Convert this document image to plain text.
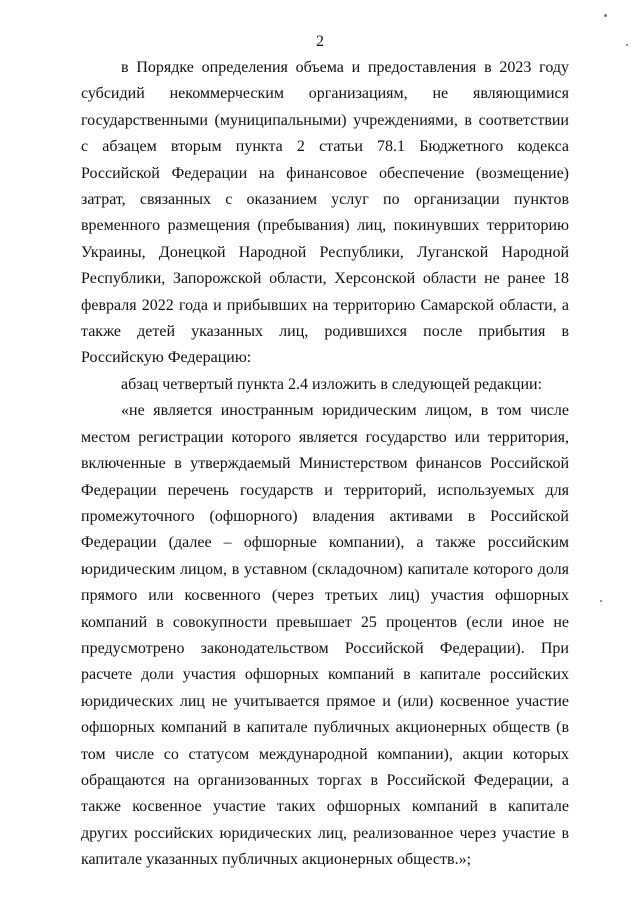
2

в Порядке определения объема и предоставления в 2023 году субсидий некоммерческим организациям, не являющимися государственными (муниципальными) учреждениями, в соответствии с абзацем вторым пункта 2 статьи 78.1 Бюджетного кодекса Российской Федерации на финансовое обеспечение (возмещение) затрат, связанных с оказанием услуг по организации пунктов временного размещения (пребывания) лиц, покинувших территорию Украины, Донецкой Народной Республики, Луганской Народной Республики, Запорожской области, Херсонской области не ранее 18 февраля 2022 года и прибывших на территорию Самарской области, а также детей указанных лиц, родившихся после прибытия в Российскую Федерацию:

абзац четвертый пункта 2.4 изложить в следующей редакции:

«не является иностранным юридическим лицом, в том числе местом регистрации которого является государство или территория, включенные в утверждаемый Министерством финансов Российской Федерации перечень государств и территорий, используемых для промежуточного (офшорного) владения активами в Российской Федерации (далее – офшорные компании), а также российским юридическим лицом, в уставном (складочном) капитале которого доля прямого или косвенного (через третьих лиц) участия офшорных компаний в совокупности превышает 25 процентов (если иное не предусмотрено законодательством Российской Федерации). При расчете доли участия офшорных компаний в капитале российских юридических лиц не учитывается прямое и (или) косвенное участие офшорных компаний в капитале публичных акционерных обществ (в том числе со статусом международной компании), акции которых обращаются на организованных торгах в Российской Федерации, а также косвенное участие таких офшорных компаний в капитале других российских юридических лиц, реализованное через участие в капитале указанных публичных акционерных обществ.»;
